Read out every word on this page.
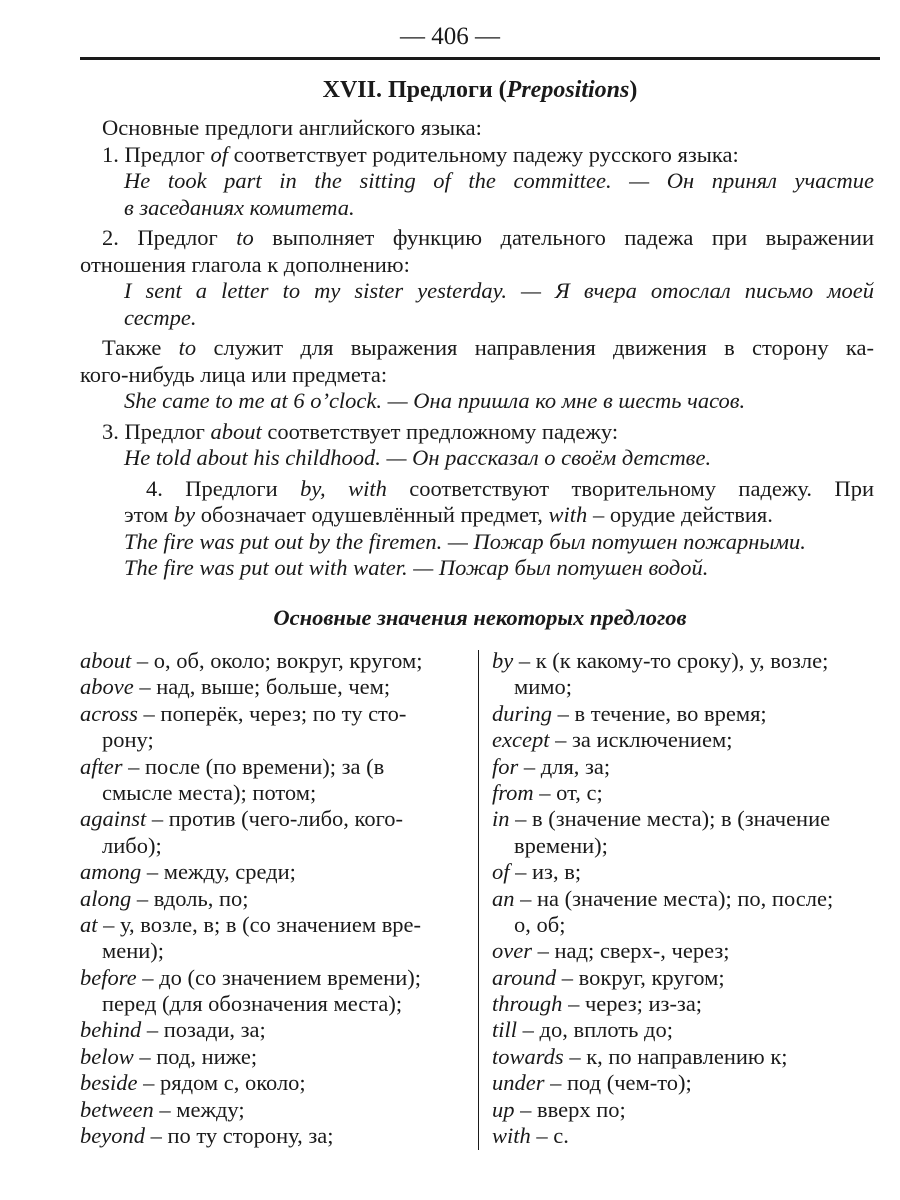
— 406 —
XVII. Предлоги (Prepositions)
Основные предлоги английского языка:
1. Предлог of соответствует родительному падежу русского языка:
He took part in the sitting of the committee. — Он принял участие
в заседаниях комитета.
2. Предлог to выполняет функцию дательного падежа при выражении
отношения глагола к дополнению:
I sent a letter to my sister yesterday. — Я вчера отослал письмо моей
сестре.
Также to служит для выражения направления движения в сторону ка-
кого-нибудь лица или предмета:
She came to me at 6 o’clock. — Она пришла ко мне в шесть часов.
3. Предлог about соответствует предложному падежу:
He told about his childhood. — Он рассказал о своём детстве.
4. Предлоги by, with соответствуют творительному падежу. При
этом by обозначает одушевлённый предмет, with – орудие действия.
The fire was put out by the firemen. — Пожар был потушен пожарными.
The fire was put out with water. — Пожар был потушен водой.
Основные значения некоторых предлогов
about – о, об, около; вокруг, кругом;
above – над, выше; больше, чем;
across – поперёк, через; по ту сто-
рону;
after – после (по времени); за (в
смысле места); потом;
against – против (чего-либо, кого-
либо);
among – между, среди;
along – вдоль, по;
at – у, возле, в; в (со значением вре-
мени);
before – до (со значением времени);
перед (для обозначения места);
behind – позади, за;
below – под, ниже;
beside – рядом с, около;
between – между;
beyond – по ту сторону, за;
by – к (к какому-то сроку), у, возле;
мимо;
during – в течение, во время;
except – за исключением;
for – для, за;
from – от, с;
in – в (значение места); в (значение
времени);
of – из, в;
an – на (значение места); по, после;
о, об;
over – над; сверх-, через;
around – вокруг, кругом;
through – через; из-за;
till – до, вплоть до;
towards – к, по направлению к;
under – под (чем-то);
up – вверх по;
with – с.
